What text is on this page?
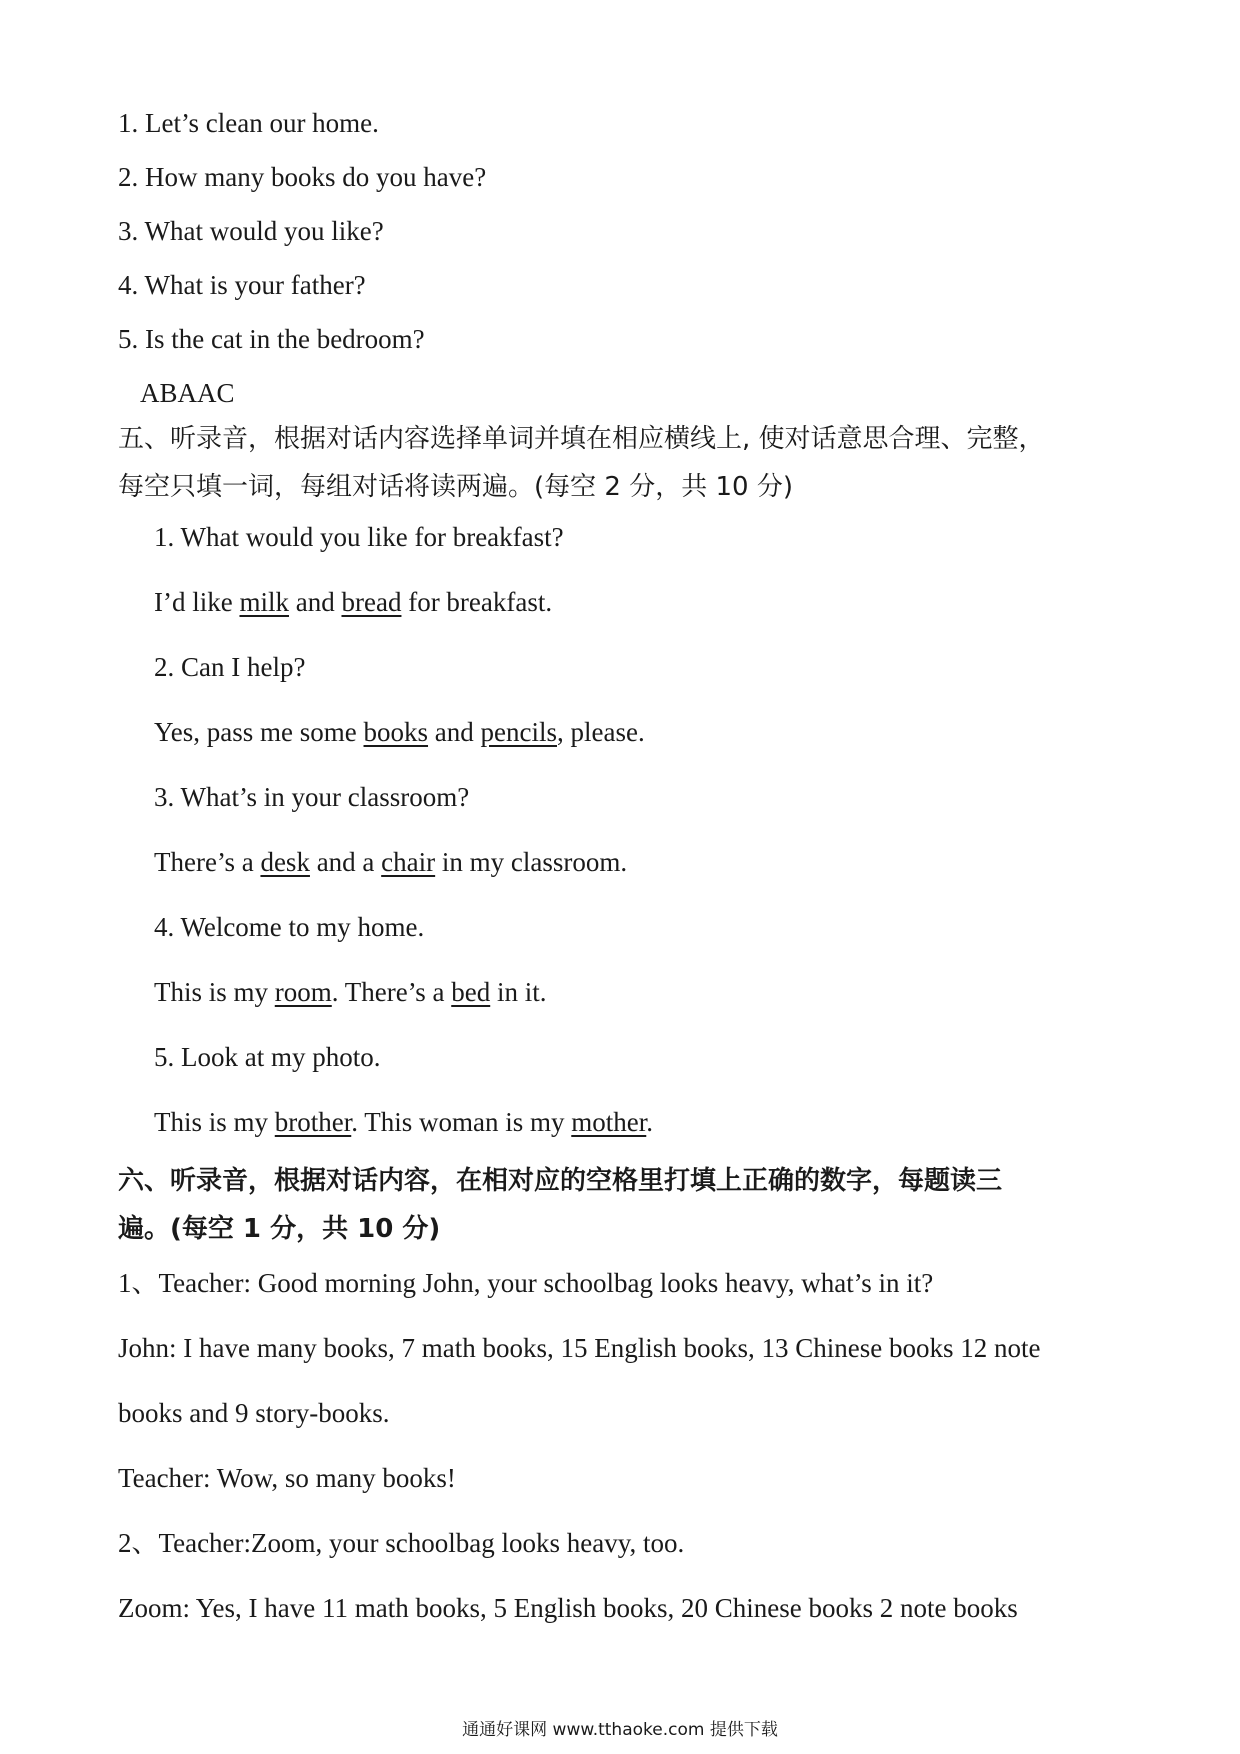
1. Let’s clean our home.
2. How many books do you have?
3. What would you like?
4. What is your father?
5. Is the cat in the bedroom?
ABAAC
五、听录音，根据对话内容选择单词并填在相应横线上, 使对话意思合理、完整，
每空只填一词，每组对话将读两遍。(每空 2 分，共 10 分)
1. What would you like for breakfast?
I’d like milk and bread for breakfast.
2. Can I help?
Yes, pass me some books and pencils, please.
3. What’s in your classroom?
There’s a desk and a chair in my classroom.
4. Welcome to my home.
This is my room. There’s a bed in it.
5. Look at my photo.
This is my brother. This woman is my mother.
六、听录音，根据对话内容，在相对应的空格里打填上正确的数字，每题读三
遍。(每空 1 分，共 10 分)
1、Teacher: Good morning John, your schoolbag looks heavy, what’s in it?
John: I have many books, 7 math books, 15 English books, 13 Chinese books 12 note
books and 9 story-books.
Teacher: Wow, so many books!
2、Teacher:Zoom, your schoolbag looks heavy, too.
Zoom: Yes, I have 11 math books, 5 English books, 20 Chinese books 2 note books
通通好课网 www.tthaoke.com 提供下载
